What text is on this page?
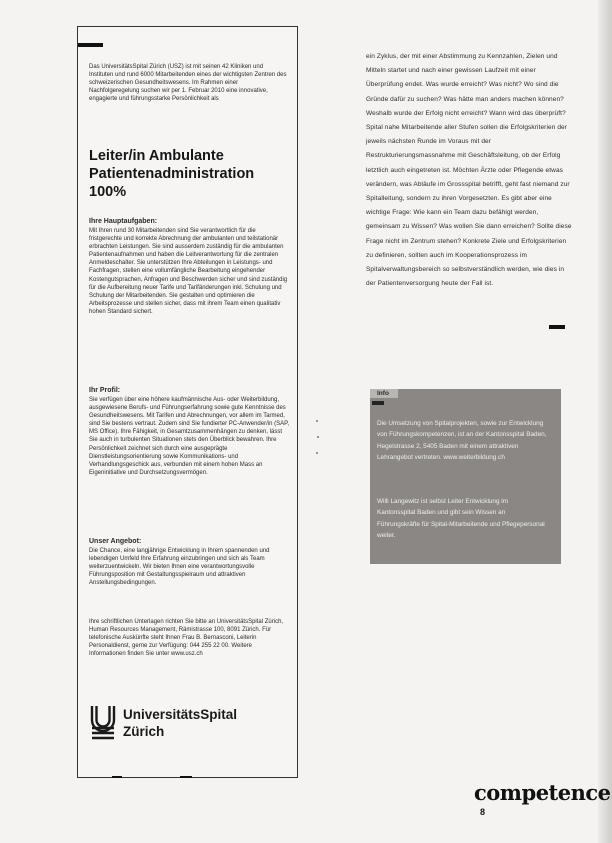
Das UniversitätsSpital Zürich (USZ) ist mit seinen 42 Kliniken und Instituten und rund 6000 Mitarbeitenden eines der wichtigsten Zentren des schweizerischen Gesundheitswesens. Im Rahmen einer Nachfolgeregelung suchen wir per 1. Februar 2010 eine innovative, engagierte und führungsstarke Persönlichkeit als
Leiter/in Ambulante Patientenadministration 100%
Ihre Hauptaufgaben:

Mit Ihren rund 30 Mitarbeitenden sind Sie verantwortlich für die fristgerechte und korrekte Abrechnung der ambulanten und teilstationär erbrachten Leistungen. Sie sind ausserdem zuständig für die ambulanten Patientenaufnahmen und haben die Leitverantwortung für die zentralen Anmeldeschalter. Sie unterstützen Ihre Abteilungen in Leistungs- und Fachfragen, stellen eine vollumfängliche Bearbeitung eingehender Kostengutsprachen, Anfragen und Beschwerden sicher und sind zuständig für die Aufbereitung neuer Tarife und Tarifänderungen inkl. Schulung und Schulung der Mitarbeitenden. Sie gestalten und optimieren die Arbeitsprozesse und stellen sicher, dass mit ihrem Team einen qualitativ hohen Standard sichert.

Ihr Profil:

Sie verfügen über eine höhere kaufmännische Aus- oder Weiterbildung, ausgewiesene Berufs- und Führungserfahrung sowie gute Kenntnisse des Gesundheitswesens. Mit Tarifen und Abrechnungen, vor allem im Tarmed, sind Sie bestens vertraut. Zudem sind Sie fundierter PC-Anwender/in (SAP, MS Office). Ihre Fähigkeit, in Gesamtzusammenhängen zu denken, lässt Sie auch in turbulenten Situationen stets den Überblick bewahren. Ihre Persönlichkeit zeichnet sich durch eine ausgeprägte Dienstleistungsorientierung sowie Kommunikations- und Verhandlungsgeschick aus, verbunden mit einem hohen Mass an Eigeninitiative und Durchsetzungsvermögen.

Unser Angebot:

Die Chance, eine langjährige Entwicklung in Ihrem spannenden und lebendigen Umfeld Ihre Erfahrung einzubringen und sich als Team weiterzuentwickeln. Wir bieten Ihnen eine verantwortungsvolle Führungsposition mit Gestaltungsspielraum und attraktiven Anstellungsbedingungen.

Ihre schriftlichen Unterlagen richten Sie bitte an UniversitätsSpital Zürich, Human Resources Management, Rämistrasse 100, 8091 Zürich. Für telefonische Auskünfte steht Ihnen Frau B. Bernasconi, Leiterin Personaldienst, gerne zur Verfügung: 044 255 22 00. Weitere Informationen finden Sie unter www.usz.ch

UniversitätsSpital
Zürich
ein Zyklus, der mit einer Abstimmung zu Kennzahlen, Zielen und Mitteln startet und nach einer gewissen Laufzeit mit einer Überprüfung endet. Was wurde erreicht? Was nicht? Wo sind die Gründe dafür zu suchen? Was hätte man anders machen können? Weshalb wurde der Erfolg nicht erreicht? Wann wird das überprüft? Spital nahe Mitarbeitende aller Stufen sollen die Erfolgskriterien der jeweils nächsten Runde im Voraus mit der Restrukturierungsmassnahme mit Geschäftsleitung, ob der Erfolg letztlich auch eingetreten ist. Möchten Ärzte oder Pflegende etwas verändern, was Abläufe im Grossspital betrifft, geht fast niemand zur Spitalleitung, sondern zu ihren Vorgesetzten. Es gibt aber eine wichtige Frage: Wie kann ein Team dazu befähigt werden, gemeinsam zu Wissen? Was wollen Sie dann erreichen? Sollte diese Frage nicht im Zentrum stehen? Konkrete Ziele und Erfolgskriterien zu definieren, sollten auch im Kooperationsprozess im Spitalverwaltungsbereich so selbstverständlich werden, wie dies in der Patientenversorgung heute der Fall ist.
Info
Die Umsetzung von Spitalprojekten, sowie zur Entwicklung von Führungskompetenzen, ist an der Kantonsspital Baden, Hegelstrasse 2, 5405 Baden mit einem attraktiven Lehrangebot vertreten. www.weiterbildung.ch
Willi Langewitz ist selbst Leiter Entwicklung im Kantonsspital Baden und gibt sein Wissen an Führungskräfte für Spital-Mitarbeitende und Pflegepersonal weiter.
competence
8
